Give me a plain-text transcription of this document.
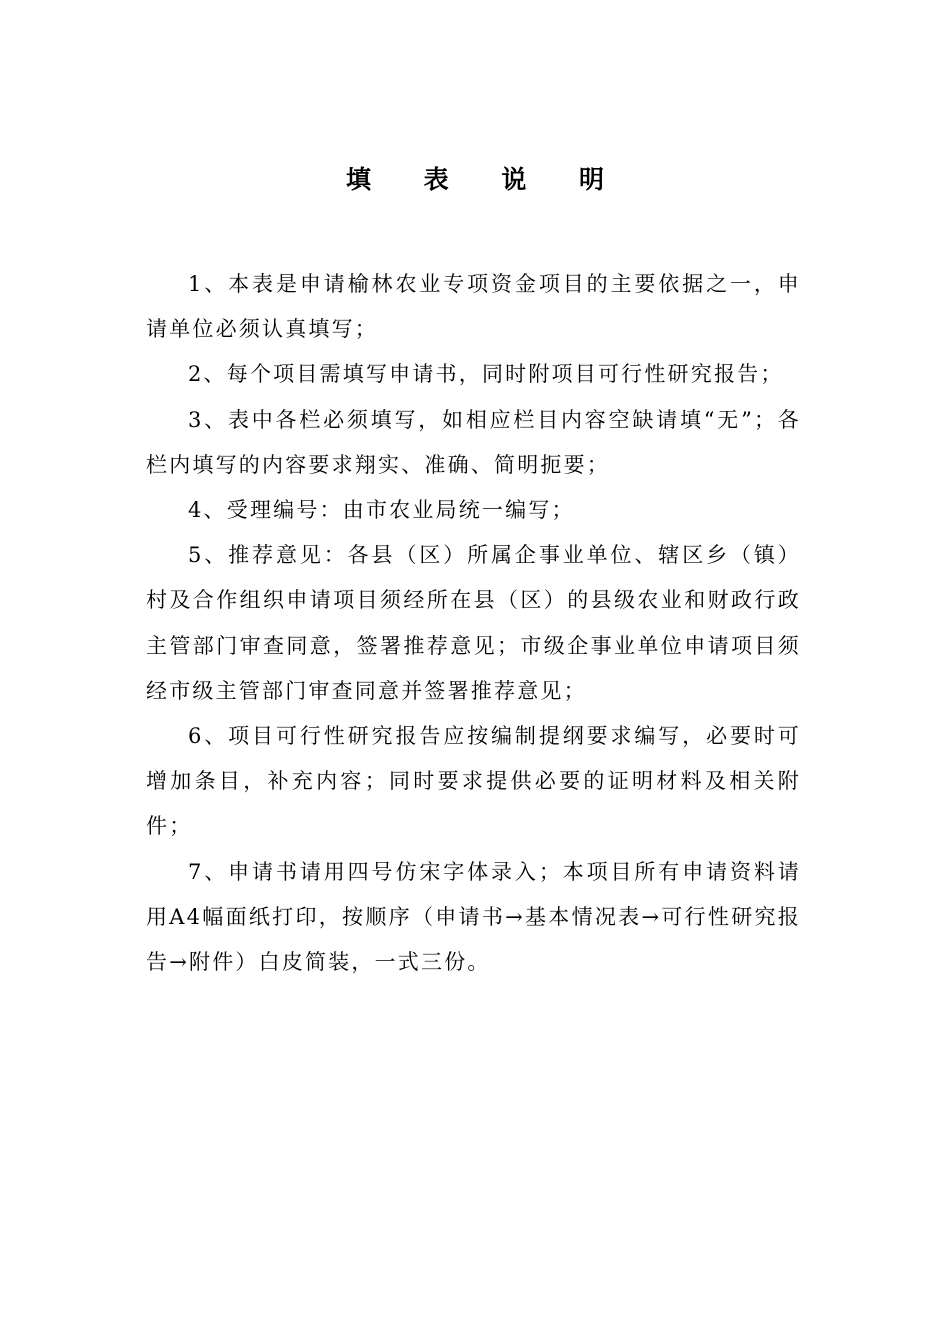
填 表 说 明

1、本表是申请榆林农业专项资金项目的主要依据之一，申请单位必须认真填写；

2、每个项目需填写申请书，同时附项目可行性研究报告；

3、表中各栏必须填写，如相应栏目内容空缺请填“无”；各栏内填写的内容要求翔实、准确、简明扼要；

4、受理编号：由市农业局统一编写；

5、推荐意见：各县（区）所属企事业单位、辖区乡（镇）村及合作组织申请项目须经所在县（区）的县级农业和财政行政主管部门审查同意，签署推荐意见；市级企事业单位申请项目须经市级主管部门审查同意并签署推荐意见；

6、项目可行性研究报告应按编制提纲要求编写，必要时可增加条目，补充内容；同时要求提供必要的证明材料及相关附件；

7、申请书请用四号仿宋字体录入；本项目所有申请资料请用A4幅面纸打印，按顺序（申请书→基本情况表→可行性研究报告→附件）白皮简装，一式三份。
